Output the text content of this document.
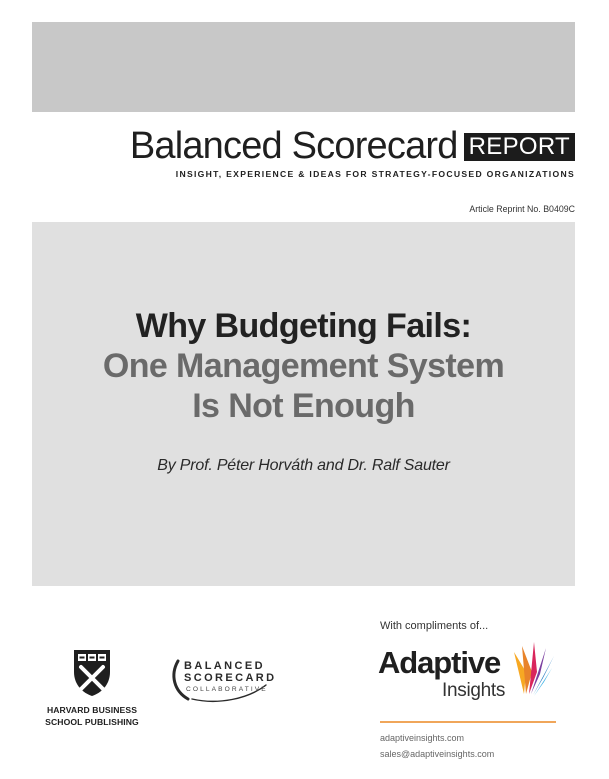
Balanced Scorecard REPORT
INSIGHT, EXPERIENCE & IDEAS FOR STRATEGY-FOCUSED ORGANIZATIONS
Article Reprint No. B0409C
Why Budgeting Fails:
One Management System
Is Not Enough
By Prof. Péter Horváth and Dr. Ralf Sauter
HARVARD BUSINESS
SCHOOL PUBLISHING
BALANCED
SCORECARD
COLLABORATIVE
With compliments of...
Adaptive
Insights
adaptiveinsights.com
sales@adaptiveinsights.com
